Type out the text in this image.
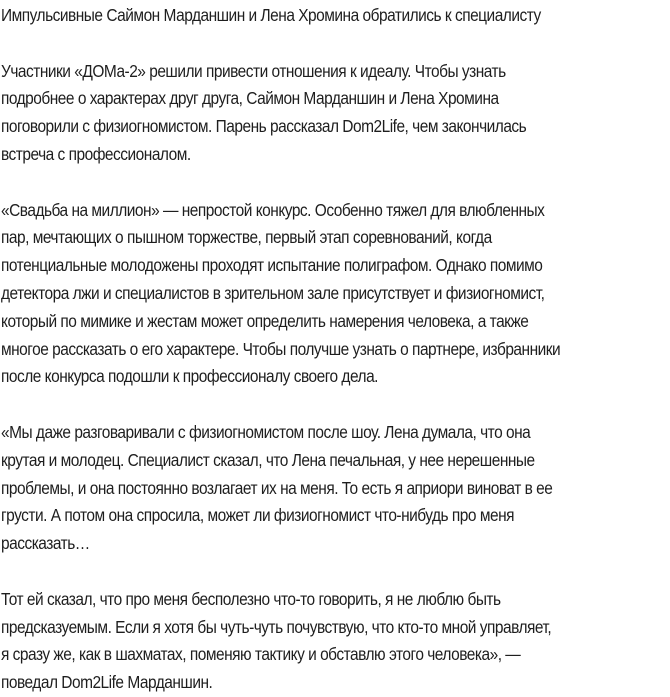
Импульсивные Саймон Марданшин и Лена Хромина обратились к специалисту
Участники «ДОМа-2» решили привести отношения к идеалу. Чтобы узнать
подробнее о характерах друг друга, Саймон Марданшин и Лена Хромина
поговорили с физиогномистом. Парень рассказал Dom2Life, чем закончилась
встреча с профессионалом.
«Свадьба на миллион» — непростой конкурс. Особенно тяжел для влюбленных
пар, мечтающих о пышном торжестве, первый этап соревнований, когда
потенциальные молодожены проходят испытание полиграфом. Однако помимо
детектора лжи и специалистов в зрительном зале присутствует и физиогномист,
который по мимике и жестам может определить намерения человека, а также
многое рассказать о его характере. Чтобы получше узнать о партнере, избранники
после конкурса подошли к профессионалу своего дела.
«Мы даже разговаривали с физиогномистом после шоу. Лена думала, что она
крутая и молодец. Специалист сказал, что Лена печальная, у нее нерешенные
проблемы, и она постоянно возлагает их на меня. То есть я априори виноват в ее
грусти. А потом она спросила, может ли физиогномист что-нибудь про меня
рассказать…
Тот ей сказал, что про меня бесполезно что-то говорить, я не люблю быть
предсказуемым. Если я хотя бы чуть-чуть почувствую, что кто-то мной управляет,
я сразу же, как в шахматах, поменяю тактику и обставлю этого человека», —
поведал Dom2Life Марданшин.
